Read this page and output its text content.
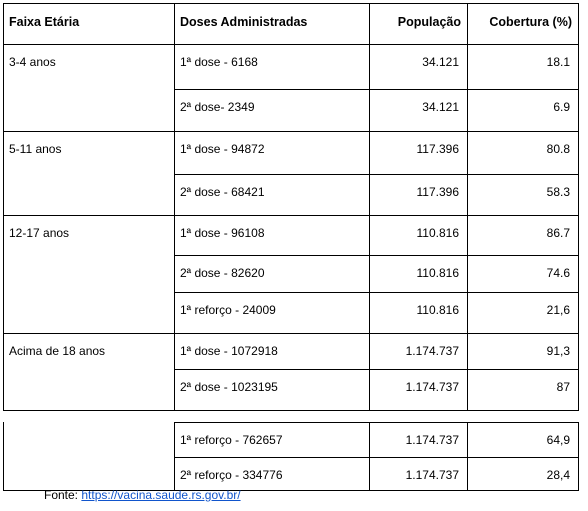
Faixa Etária	Doses Administradas	População	Cobertura (%)
3-4 anos	1ª dose - 6168	34.121	18.1
2ª dose- 2349	34.121	6.9
5-11 anos	1ª dose - 94872	117.396	80.8
2ª dose - 68421	117.396	58.3
12-17 anos	1ª dose - 96108	110.816	86.7
2ª dose - 82620	110.816	74.6
1ª reforço - 24009	110.816	21,6
Acima de 18 anos	1ª dose - 1072918	1.174.737	91,3
2ª dose - 1023195	1.174.737	87
1ª reforço - 762657	1.174.737	64,9
2ª reforço - 334776	1.174.737	28,4
Fonte: https://vacina.saude.rs.gov.br/
